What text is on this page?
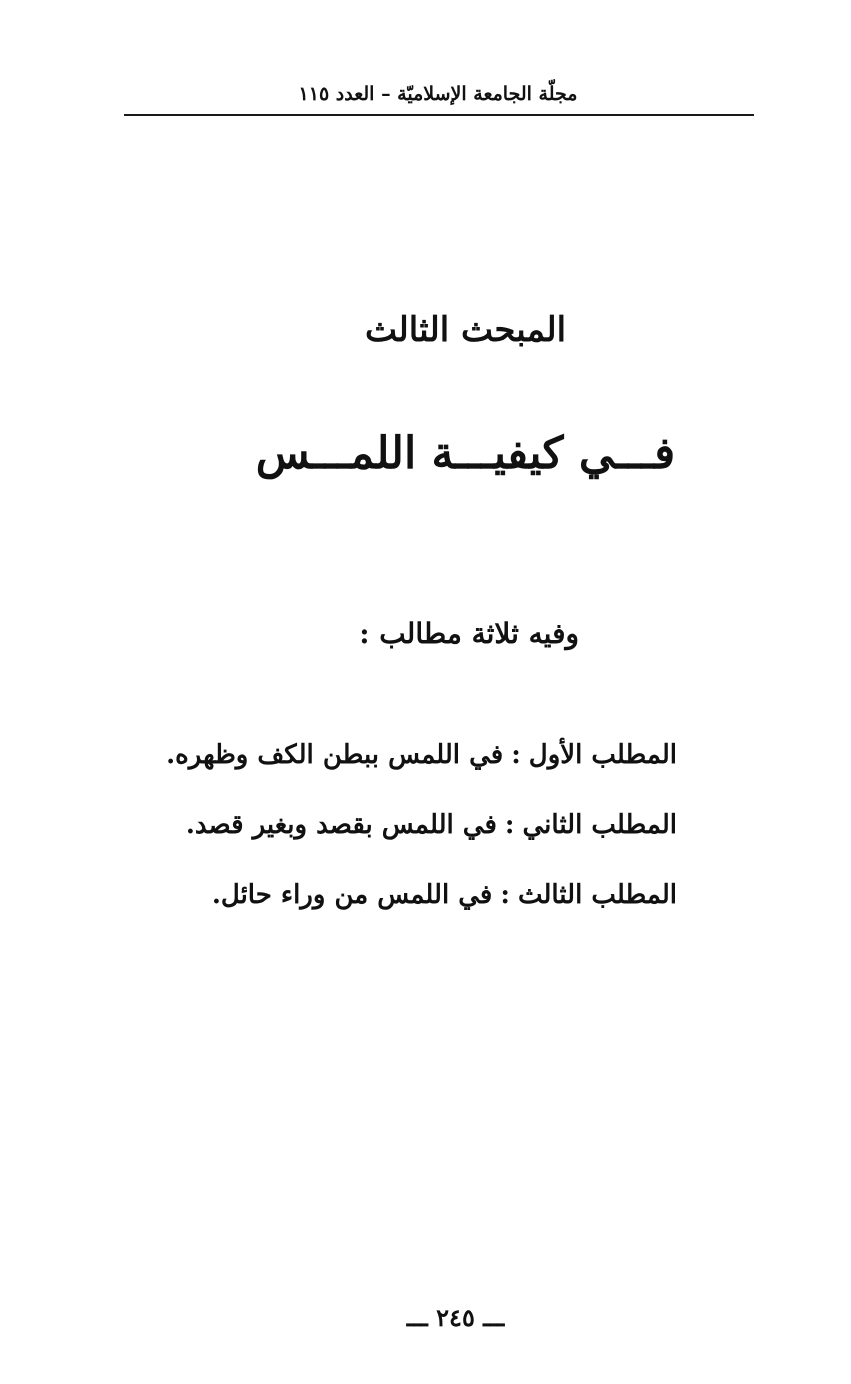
مجلّة الجامعة الإسلاميّة – العدد ١١٥
المبحث الثالث
فـــي كيفيـــة اللمـــس
وفيه ثلاثة مطالب :
المطلب الأول:في اللمس ببطن الكف وظهره.
المطلب الثاني:في اللمس بقصد وبغير قصد.
المطلب الثالث:في اللمس من وراء حائل.
ـــ ٢٤٥ ـــ
